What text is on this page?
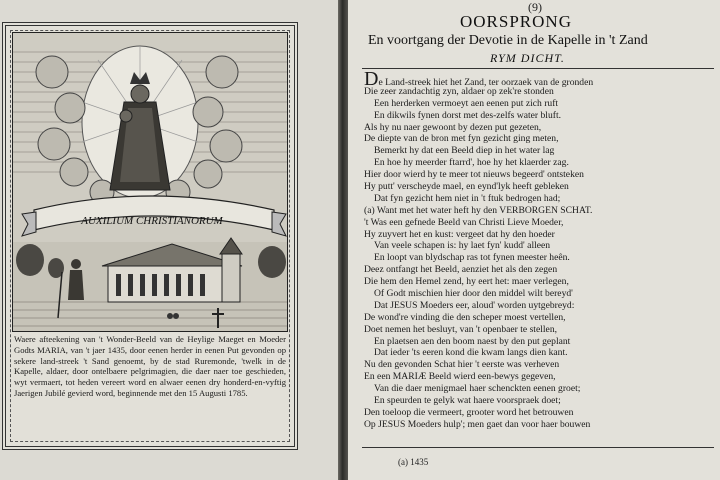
AUXILIUM CHRISTIANORUM
Waere afteekening van 't Wonder-Beeld van de Heylige Maeget en Moeder Godts MARIA, van 't jaer 1435, door eenen herder in eenen Put gevonden op sekere land-streek 't Sand genoemt, by de stad Ruremonde, 'twelk in de Kapelle, aldaer, door ontelbaere pelgrimagien, die daer naer toe geschieden, wyt vermaert, tot heden vereert word en alwaer eenen dry honderd-en-vyftig Jaerigen Jubilé gevierd word, beginnende met den 15 Augusti 1785.
(9)
OORSPRONG
En voortgang der Devotie in de Kapelle in 't Zand
RYM DICHT.
De Land-streek hiet het Zand, ter oorzaek van de gronden
Die zeer zandachtig zyn, aldaer op zek're stonden
Een herderken vermoeyt aen eenen put zich ruft
En dikwils fynen dorst met des-zelfs water bluft.
Als hy nu naer gewoont by dezen put gezeten,
De diepte van de bron met fyn gezicht ging meten,
Bemerkt hy dat een Beeld diep in het water lag
En hoe hy meerder ftarrd', hoe hy het klaerder zag.
Hier door wierd hy te meer tot nieuws begeerd' ontsteken
Hy putt' verscheyde mael, en eynd'lyk heeft gebleken
Dat fyn gezicht hem niet in 't ftuk bedrogen had;
(a) Want met het water heft hy den VERBORGEN SCHAT.
't Was een gefnede Beeld van Christi Lieve Moeder,
Hy zuyvert het en kust: vergeet dat hy den hoeder
Van veele schapen is: hy laet fyn' kudd' alleen
En loopt van blydschap ras tot fynen meester heên.
Deez ontfangt het Beeld, aenziet het als den zegen
Die hem den Hemel zend, hy eert het: maer verlegen,
Of Godt mischien hier door den middel wilt bereyd'
Dat JESUS Moeders eer, aloud' worden uytgebreyd:
De wond're vinding die den scheper moest vertellen,
Doet nemen het besluyt, van 't openbaer te stellen,
En plaetsen aen den boom naest by den put geplant
Dat ieder 'ts eeren kond die kwam langs dien kant.
Nu den gevonden Schat hier 't eerste was verheven
En een MARIÆ Beeld wierd een-bewys gegeven,
Van die daer menigmael haer schenckten eenen groet;
En speurden te gelyk wat haere voorspraek doet;
Den toeloop die vermeert, grooter word het betrouwen
Op JESUS Moeders hulp'; men gaet dan voor haer bouwen
(a) 1435
